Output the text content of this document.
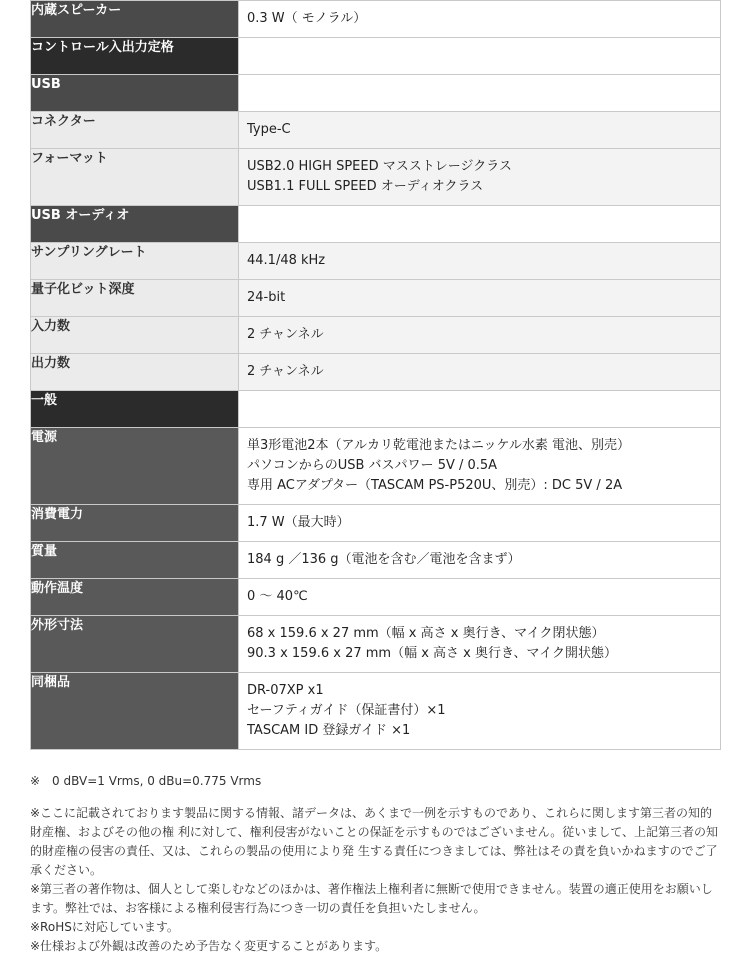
内蔵スピーカー	0.3 W（ モノラル）

コントロール入出力定格	

USB	

コネクター	Type-C

フォーマット	USB2.0 HIGH SPEED マスストレージクラス
USB1.1 FULL SPEED オーディオクラス

USB オーディオ	

サンプリングレート	44.1/48 kHz

量子化ビット深度	24-bit

入力数	2 チャンネル

出力数	2 チャンネル

一般	

電源	単3形電池2本（アルカリ乾電池またはニッケル水素 電池、別売）
パソコンからのUSB バスパワー 5V / 0.5A
専用 ACアダプター（TASCAM PS-P520U、別売）: DC 5V / 2A

消費電力	1.7 W（最大時）

質量	184 g ／136 g（電池を含む／電池を含まず）

動作温度	0 〜 40℃

外形寸法	68 x 159.6 x 27 mm（幅 x 高さ x 奥行き、マイク閉状態）
90.3 x 159.6 x 27 mm（幅 x 高さ x 奥行き、マイク開状態）

同梱品	DR-07XP x1
セーフティガイド（保証書付）×1
TASCAM ID 登録ガイド ×1

※　0 dBV=1 Vrms, 0 dBu=0.775 Vrms

※ここに記載されております製品に関する情報、諸データは、あくまで一例を示すものであり、これらに関します第三者の知的財産権、およびその他の権 利に対して、権利侵害がないことの保証を示すものではございません。従いまして、上記第三者の知的財産権の侵害の責任、又は、これらの製品の使用により発 生する責任につきましては、弊社はその責を負いかねますのでご了承ください。

※第三者の著作物は、個人として楽しむなどのほかは、著作権法上権利者に無断で使用できません。装置の適正使用をお願いします。弊社では、お客様による権利侵害行為につき一切の責任を負担いたしません。

※RoHSに対応しています。

※仕様および外観は改善のため予告なく変更することがあります。
